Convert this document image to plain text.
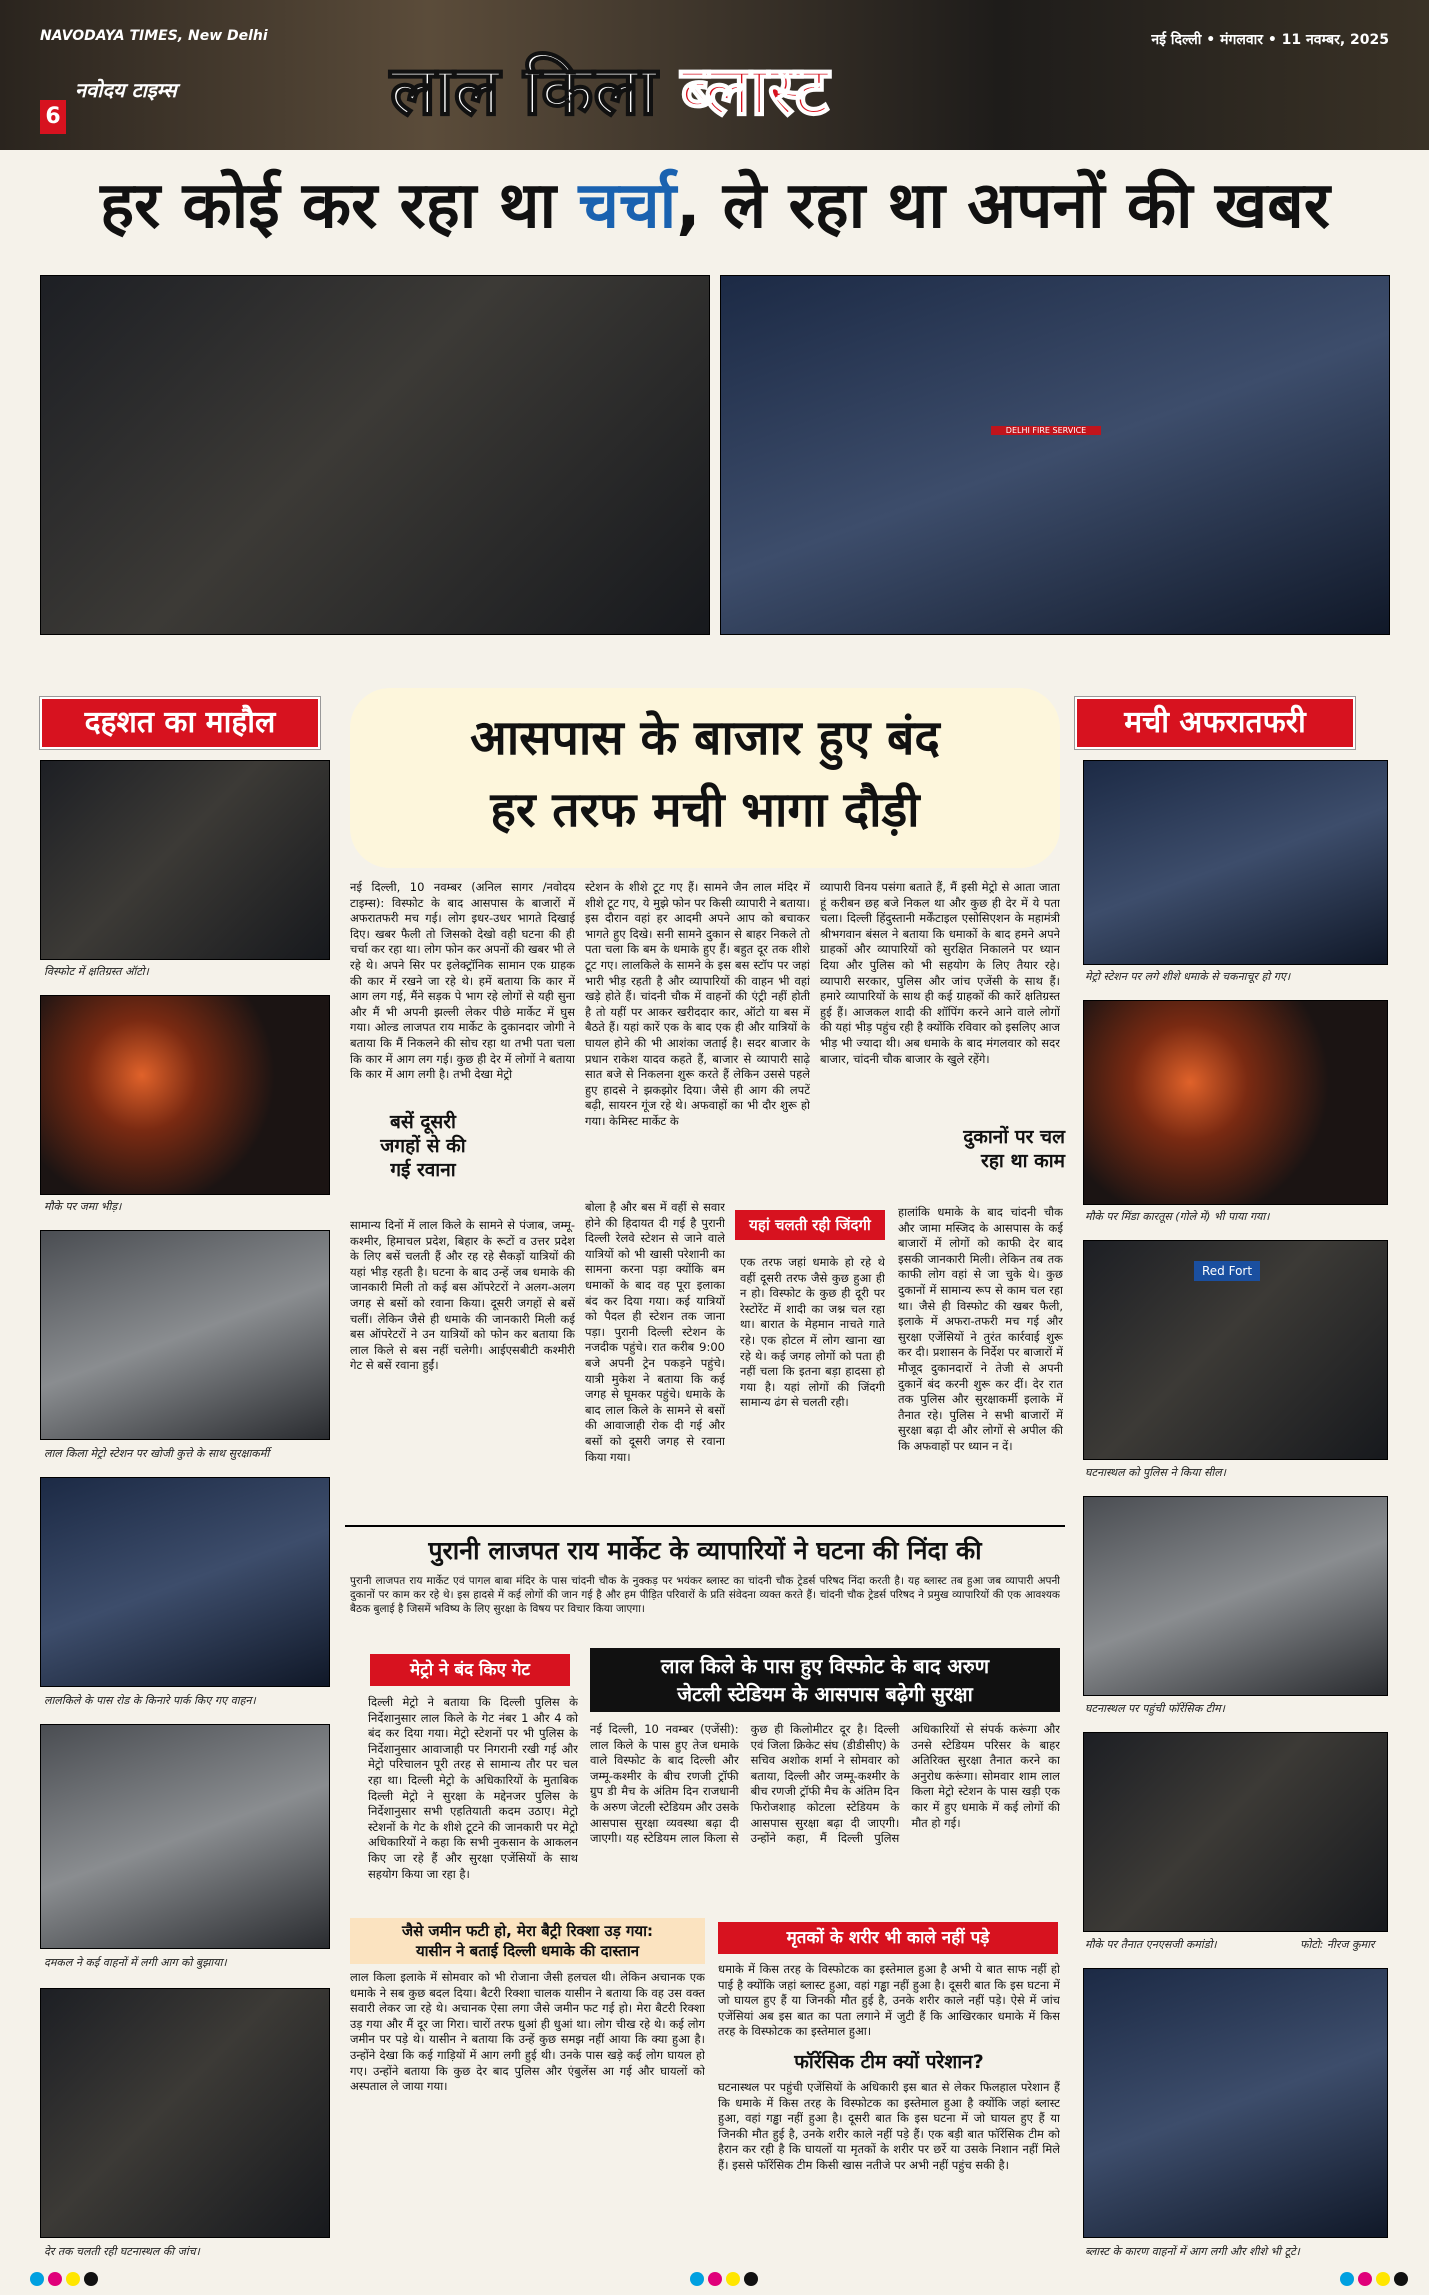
NAVODAYA TIMES, New Delhi	नई दिल्ली • मंगलवार • 11 नवम्बर, 2025
6
नवोदय टाइम्स	लाल किला ब्लास्ट
हर कोई कर रहा था चर्चा, ले रहा था अपनों की खबर
DELHI FIRE SERVICE
दहशत का माहौल	मची अफरातफरी
आसपास के बाजार हुए बंद
हर तरफ मची भागा दौड़ी
विस्फोट में क्षतिग्रस्त ऑटो।
मौके पर जमा भीड़।
लाल किला मेट्रो स्टेशन पर खोजी कुत्ते के साथ सुरक्षाकर्मी
लालकिले के पास रोड के किनारे पार्क किए गए वाहन।
दमकल ने कई वाहनों में लगी आग को बुझाया।
देर तक चलती रही घटनास्थल की जांच।
मेट्रो स्टेशन पर लगे शीशे धमाके से चकनाचूर हो गए।
मौके पर मिंडा कारतूस (गोले में) भी पाया गया।
Red Fort
घटनास्थल को पुलिस ने किया सील।
घटनास्थल पर पहुंची फॉरेंसिक टीम।
मौके पर तैनात एनएसजी कमांडो।	फोटो: नीरज कुमार
ब्लास्ट के कारण वाहनों में आग लगी और शीशे भी टूटे।
नई दिल्ली, 10 नवम्बर (अनिल सागर /नवोदय टाइम्स): विस्फोट के बाद आसपास के बाजारों में अफरातफरी मच गई। लोग इधर-उधर भागते दिखाई दिए। खबर फैली तो जिसको देखो वही घटना की ही चर्चा कर रहा था। लोग फोन कर अपनों की खबर भी ले रहे थे। अपने सिर पर इलेक्ट्रॉनिक सामान एक ग्राहक की कार में रखने जा रहे थे। हमें बताया कि कार में आग लग गई, मैंने सड़क पे भाग रहे लोगों से यही सुना और मैं भी अपनी झल्ली लेकर पीछे मार्केट में घुस गया। ओल्ड लाजपत राय मार्केट के दुकानदार जोगी ने बताया कि मैं निकलने की सोच रहा था तभी पता चला कि कार में आग लग गई। कुछ ही देर में लोगों ने बताया कि कार में आग लगी है। तभी देखा मेट्रो
स्टेशन के शीशे टूट गए हैं। सामने जैन लाल मंदिर में शीशे टूट गए, ये मुझे फोन पर किसी व्यापारी ने बताया। इस दौरान वहां हर आदमी अपने आप को बचाकर भागते हुए दिखे। सनी सामने दुकान से बाहर निकले तो पता चला कि बम के धमाके हुए हैं। बहुत दूर तक शीशे टूट गए। लालकिले के सामने के इस बस स्टॉप पर जहां भारी भीड़ रहती है और व्यापारियों की वाहन भी वहां खड़े होते हैं। चांदनी चौक में वाहनों की एंट्री नहीं होती है तो यहीं पर आकर खरीददार कार, ऑटो या बस में बैठते हैं। यहां कारें एक के बाद एक ही और यात्रियों के घायल होने की भी आशंका जताई है। सदर बाजार के प्रधान राकेश यादव कहते हैं, बाजार से व्यापारी साढ़े सात बजे से निकलना शुरू करते हैं लेकिन उससे पहले हुए हादसे ने झकझोर दिया। जैसे ही आग की लपटें बढ़ी, सायरन गूंज रहे थे। अफवाहों का भी दौर शुरू हो गया। केमिस्ट मार्केट के
व्यापारी विनय पसंगा बताते हैं, मैं इसी मेट्रो से आता जाता हूं करीबन छह बजे निकल था और कुछ ही देर में ये पता चला। दिल्ली हिंदुस्तानी मर्केंटाइल एसोसिएशन के महामंत्री श्रीभगवान बंसल ने बताया कि धमाकों के बाद हमने अपने ग्राहकों और व्यापारियों को सुरक्षित निकालने पर ध्यान दिया और पुलिस को भी सहयोग के लिए तैयार रहे। व्यापारी सरकार, पुलिस और जांच एजेंसी के साथ हैं। हमारे व्यापारियों के साथ ही कई ग्राहकों की कारें क्षतिग्रस्त हुई हैं। आजकल शादी की शॉपिंग करने आने वाले लोगों की यहां भीड़ पहुंच रही है क्योंकि रविवार को इसलिए आज भीड़ भी ज्यादा थी। अब धमाके के बाद मंगलवार को सदर बाजार, चांदनी चौक बाजार के खुले रहेंगे।
बसें दूसरी जगहों से की गई रवाना
सामान्य दिनों में लाल किले के सामने से पंजाब, जम्मू-कश्मीर, हिमाचल प्रदेश, बिहार के रूटों व उत्तर प्रदेश के लिए बसें चलती हैं और रह रहे सैकड़ों यात्रियों की यहां भीड़ रहती है। घटना के बाद उन्हें जब धमाके की जानकारी मिली तो कई बस ऑपरेटरों ने अलग-अलग जगह से बसों को रवाना किया। दूसरी जगहों से बसें चलीं। लेकिन जैसे ही धमाके की जानकारी मिली कई बस ऑपरेटरों ने उन यात्रियों को फोन कर बताया कि लाल किले से बस नहीं चलेगी। आईएसबीटी कश्मीरी गेट से बसें रवाना हुईं।
बोला है और बस में वहीं से सवार होने की हिदायत दी गई है पुरानी दिल्ली रेलवे स्टेशन से जाने वाले यात्रियों को भी खासी परेशानी का सामना करना पड़ा क्योंकि बम धमाकों के बाद वह पूरा इलाका बंद कर दिया गया। कई यात्रियों को पैदल ही स्टेशन तक जाना पड़ा। पुरानी दिल्ली स्टेशन के नजदीक पहुंचे। रात करीब 9:00 बजे अपनी ट्रेन पकड़ने पहुंचे। यात्री मुकेश ने बताया कि कई जगह से घूमकर पहुंचे। धमाके के बाद लाल किले के सामने से बसों की आवाजाही रोक दी गई और बसों को दूसरी जगह से रवाना किया गया।
यहां चलती रही जिंदगी
एक तरफ जहां धमाके हो रहे थे वहीं दूसरी तरफ जैसे कुछ हुआ ही न हो। विस्फोट के कुछ ही दूरी पर रेस्टोरेंट में शादी का जश्न चल रहा था। बारात के मेहमान नाचते गाते रहे। एक होटल में लोग खाना खा रहे थे। कई जगह लोगों को पता ही नहीं चला कि इतना बड़ा हादसा हो गया है। यहां लोगों की जिंदगी सामान्य ढंग से चलती रही।
दुकानों पर चल रहा था काम
हालांकि धमाके के बाद चांदनी चौक और जामा मस्जिद के आसपास के कई बाजारों में लोगों को काफी देर बाद इसकी जानकारी मिली। लेकिन तब तक काफी लोग वहां से जा चुके थे। कुछ दुकानों में सामान्य रूप से काम चल रहा था। जैसे ही विस्फोट की खबर फैली, इलाके में अफरा-तफरी मच गई और सुरक्षा एजेंसियों ने तुरंत कार्रवाई शुरू कर दी। प्रशासन के निर्देश पर बाजारों में मौजूद दुकानदारों ने तेजी से अपनी दुकानें बंद करनी शुरू कर दीं। देर रात तक पुलिस और सुरक्षाकर्मी इलाके में तैनात रहे। पुलिस ने सभी बाजारों में सुरक्षा बढ़ा दी और लोगों से अपील की कि अफवाहों पर ध्यान न दें।
पुरानी लाजपत राय मार्केट के व्यापारियों ने घटना की निंदा की
पुरानी लाजपत राय मार्केट एवं पागल बाबा मंदिर के पास चांदनी चौक के नुक्कड़ पर भयंकर ब्लास्ट का चांदनी चौक ट्रेडर्स परिषद निंदा करती है। यह ब्लास्ट तब हुआ जब व्यापारी अपनी दुकानों पर काम कर रहे थे। इस हादसे में कई लोगों की जान गई है और हम पीड़ित परिवारों के प्रति संवेदना व्यक्त करते हैं। चांदनी चौक ट्रेडर्स परिषद ने प्रमुख व्यापारियों की एक आवश्यक बैठक बुलाई है जिसमें भविष्य के लिए सुरक्षा के विषय पर विचार किया जाएगा।
मेट्रो ने बंद किए गेट
दिल्ली मेट्रो ने बताया कि दिल्ली पुलिस के निर्देशानुसार लाल किले के गेट नंबर 1 और 4 को बंद कर दिया गया। मेट्रो स्टेशनों पर भी पुलिस के निर्देशानुसार आवाजाही पर निगरानी रखी गई और मेट्रो परिचालन पूरी तरह से सामान्य तौर पर चल रहा था। दिल्ली मेट्रो के अधिकारियों के मुताबिक दिल्ली मेट्रो ने सुरक्षा के मद्देनजर पुलिस के निर्देशानुसार सभी एहतियाती कदम उठाए। मेट्रो स्टेशनों के गेट के शीशे टूटने की जानकारी पर मेट्रो अधिकारियों ने कहा कि सभी नुकसान के आकलन किए जा रहे हैं और सुरक्षा एजेंसियों के साथ सहयोग किया जा रहा है।
लाल किले के पास हुए विस्फोट के बाद अरुण
जेटली स्टेडियम के आसपास बढ़ेगी सुरक्षा
नई दिल्ली, 10 नवम्बर (एजेंसी): लाल किले के पास हुए तेज धमाके वाले विस्फोट के बाद दिल्ली और जम्मू-कश्मीर के बीच रणजी ट्रॉफी ग्रुप डी मैच के अंतिम दिन राजधानी के अरुण जेटली स्टेडियम और उसके आसपास सुरक्षा व्यवस्था बढ़ा दी जाएगी। यह स्टेडियम लाल किला से कुछ ही किलोमीटर दूर है। दिल्ली एवं जिला क्रिकेट संघ (डीडीसीए) के सचिव अशोक शर्मा ने सोमवार को बताया, दिल्ली और जम्मू-कश्मीर के बीच रणजी ट्रॉफी मैच के अंतिम दिन फिरोजशाह कोटला स्टेडियम के आसपास सुरक्षा बढ़ा दी जाएगी। उन्होंने कहा, मैं दिल्ली पुलिस अधिकारियों से संपर्क करूंगा और उनसे स्टेडियम परिसर के बाहर अतिरिक्त सुरक्षा तैनात करने का अनुरोध करूंगा। सोमवार शाम लाल किला मेट्रो स्टेशन के पास खड़ी एक कार में हुए धमाके में कई लोगों की मौत हो गई।
जैसे जमीन फटी हो, मेरा बैट्री रिक्शा उड़ गया:
यासीन ने बताई दिल्ली धमाके की दास्तान
लाल किला इलाके में सोमवार को भी रोजाना जैसी हलचल थी। लेकिन अचानक एक धमाके ने सब कुछ बदल दिया। बैटरी रिक्शा चालक यासीन ने बताया कि वह उस वक्त सवारी लेकर जा रहे थे। अचानक ऐसा लगा जैसे जमीन फट गई हो। मेरा बैटरी रिक्शा उड़ गया और मैं दूर जा गिरा। चारों तरफ धुआं ही धुआं था। लोग चीख रहे थे। कई लोग जमीन पर पड़े थे। यासीन ने बताया कि उन्हें कुछ समझ नहीं आया कि क्या हुआ है। उन्होंने देखा कि कई गाड़ियों में आग लगी हुई थी। उनके पास खड़े कई लोग घायल हो गए। उन्होंने बताया कि कुछ देर बाद पुलिस और एंबुलेंस आ गई और घायलों को अस्पताल ले जाया गया।
मृतकों के शरीर भी काले नहीं पड़े
धमाके में किस तरह के विस्फोटक का इस्तेमाल हुआ है अभी ये बात साफ नहीं हो पाई है क्योंकि जहां ब्लास्ट हुआ, वहां गड्ढा नहीं हुआ है। दूसरी बात कि इस घटना में जो घायल हुए हैं या जिनकी मौत हुई है, उनके शरीर काले नहीं पड़े। ऐसे में जांच एजेंसियां अब इस बात का पता लगाने में जुटी हैं कि आखिरकार धमाके में किस तरह के विस्फोटक का इस्तेमाल हुआ।
फॉरेंसिक टीम क्यों परेशान?
घटनास्थल पर पहुंची एजेंसियों के अधिकारी इस बात से लेकर फिलहाल परेशान हैं कि धमाके में किस तरह के विस्फोटक का इस्तेमाल हुआ है क्योंकि जहां ब्लास्ट हुआ, वहां गड्ढा नहीं हुआ है। दूसरी बात कि इस घटना में जो घायल हुए हैं या जिनकी मौत हुई है, उनके शरीर काले नहीं पड़े हैं। एक बड़ी बात फॉरेंसिक टीम को हैरान कर रही है कि घायलों या मृतकों के शरीर पर छर्रे या उसके निशान नहीं मिले हैं। इससे फॉरेंसिक टीम किसी खास नतीजे पर अभी नहीं पहुंच सकी है।
